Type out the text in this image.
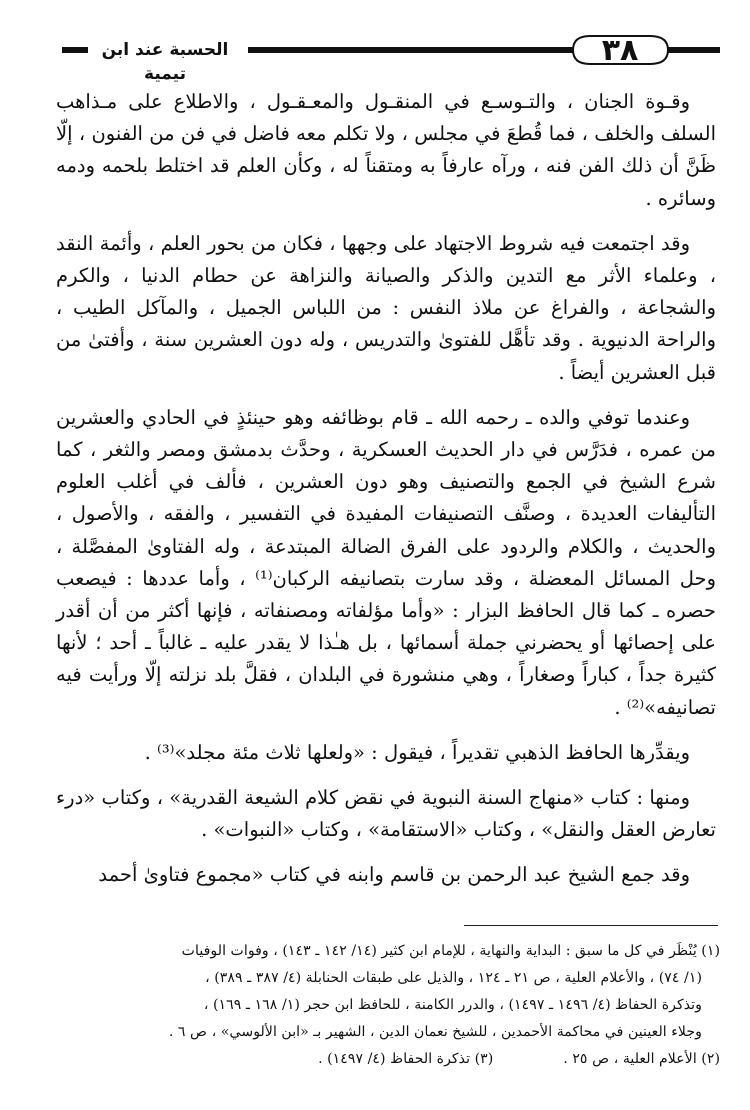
٣٨
الحسبة عند ابن تيمية

وقـوة الجنان ، والتـوسـع في المنقـول والمعـقـول ، والاطلاع على مـذاهب السلف والخلف ، فما قُطعَ في مجلس ، ولا تكلم معه فاضل في فن من الفنون ، إلّا ظَنَّ أن ذلك الفن فنه ، ورآه عارفاً به ومتقناً له ، وكأن العلم قد اختلط بلحمه ودمه وسائره .

وقد اجتمعت فيه شروط الاجتهاد على وجهها ، فكان من بحور العلم ، وأئمة النقد ، وعلماء الأثر مع التدين والذكر والصيانة والنزاهة عن حطام الدنيا ، والكرم والشجاعة ، والفراغ عن ملاذ النفس : من اللباس الجميل ، والمآكل الطيب ، والراحة الدنيوية . وقد تأهَّل للفتوىٰ والتدريس ، وله دون العشرين سنة ، وأفتىٰ من قبل العشرين أيضاً .

وعندما توفي والده ـ رحمه الله ـ قام بوظائفه وهو حينئذٍ في الحادي والعشرين من عمره ، فدَرَّس في دار الحديث العسكرية ، وحدَّث بدمشق ومصر والثغر ، كما شرع الشيخ في الجمع والتصنيف وهو دون العشرين ، فألف في أغلب العلوم التأليفات العديدة ، وصنَّف التصنيفات المفيدة في التفسير ، والفقه ، والأصول ، والحديث ، والكلام والردود على الفرق الضالة المبتدعة ، وله الفتاوىٰ المفصَّلة ، وحل المسائل المعضلة ، وقد سارت بتصانيفه الركبان⁽¹⁾ ، وأما عددها : فيصعب حصره ـ كما قال الحافظ البزار : «وأما مؤلفاته ومصنفاته ، فإنها أكثر من أن أقدر على إحصائها أو يحضرني جملة أسمائها ، بل هـٰذا لا يقدر عليه ـ غالباً ـ أحد ؛ لأنها كثيرة جداً ، كباراً وصغاراً ، وهي منشورة في البلدان ، فقلَّ بلد نزلته إلّا ورأيت فيه تصانيفه»⁽²⁾ .

ويقدِّرها الحافظ الذهبي تقديراً ، فيقول : «ولعلها ثلاث مئة مجلد»⁽³⁾ .

ومنها : كتاب «منهاج السنة النبوية في نقض كلام الشيعة القدرية» ، وكتاب «درء تعارض العقل والنقل» ، وكتاب «الاستقامة» ، وكتاب «النبوات» .

وقد جمع الشيخ عبد الرحمن بن قاسم وابنه في كتاب «مجموع فتاوىٰ أحمد

(١) يُنْظَر في كل ما سبق : البداية والنهاية ، للإمام ابن كثير (١٤/ ١٤٢ ـ ١٤٣) ، وفوات الوفيات

(١/ ٧٤) ، والأعلام العلية ، ص ٢١ ـ ١٢٤ ، والذيل على طبقات الحنابلة (٤/ ٣٨٧ ـ ٣٨٩) ،

وتذكرة الحفاظ (٤/ ١٤٩٦ ـ ١٤٩٧) ، والدرر الكامنة ، للحافظ ابن حجر (١/ ١٦٨ ـ ١٦٩) ،

وجلاء العينين في محاكمة الأحمدين ، للشيخ نعمان الدين ، الشهير بـ «ابن الألوسي» ، ص ٦ .

(٢) الأعلام العلية ، ص ٢٥ .(٣) تذكرة الحفاظ (٤/ ١٤٩٧) .
